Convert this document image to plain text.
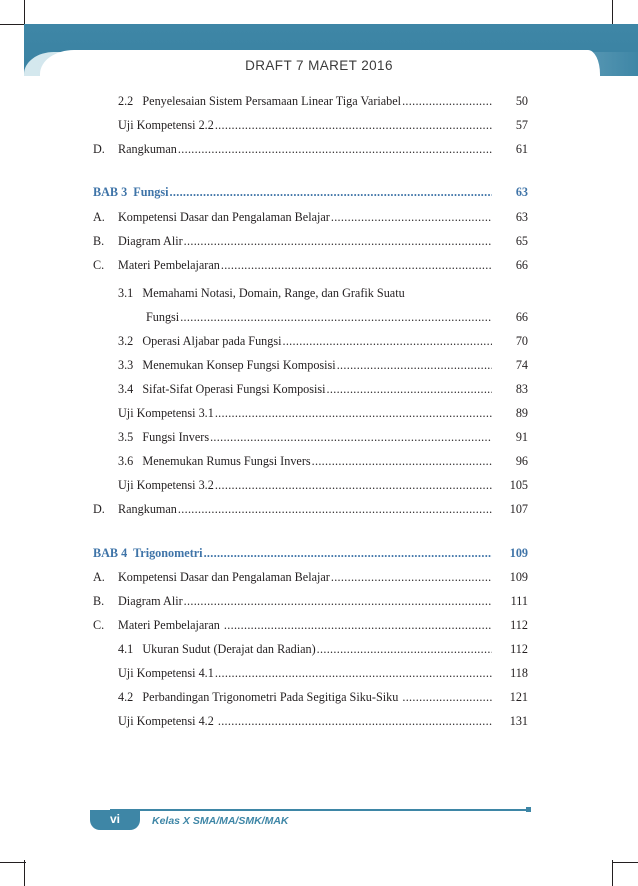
DRAFT 7 MARET 2016
2.2   Penyelesaian Sistem Persamaan Linear Tiga Variabel .....	50
Uji Kompetensi 2.2 .....	57
D. Rangkuman .....	61
BAB 3  Fungsi .....	63
A. Kompetensi Dasar dan Pengalaman Belajar .....	63
B. Diagram Alir .....	65
C. Materi Pembelajaran .....	66
3.1   Memahami Notasi, Domain, Range, dan Grafik Suatu
Fungsi .....	66
3.2   Operasi Aljabar pada Fungsi .....	70
3.3   Menemukan Konsep Fungsi Komposisi .....	74
3.4   Sifat-Sifat Operasi Fungsi Komposisi .....	83
Uji Kompetensi 3.1 .....	89
3.5   Fungsi Invers .....	91
3.6   Menemukan Rumus Fungsi Invers .....	96
Uji Kompetensi 3.2 .....	105
D. Rangkuman .....	107
BAB 4  Trigonometri .....	109
A. Kompetensi Dasar dan Pengalaman Belajar .....	109
B. Diagram Alir .....	111
C. Materi Pembelajaran .....	112
4.1   Ukuran Sudut (Derajat dan Radian) .....	112
Uji Kompetensi 4.1 .....	118
4.2   Perbandingan Trigonometri Pada Segitiga Siku-Siku .....	121
Uji Kompetensi 4.2 .....	131
vi	Kelas X SMA/MA/SMK/MAK
